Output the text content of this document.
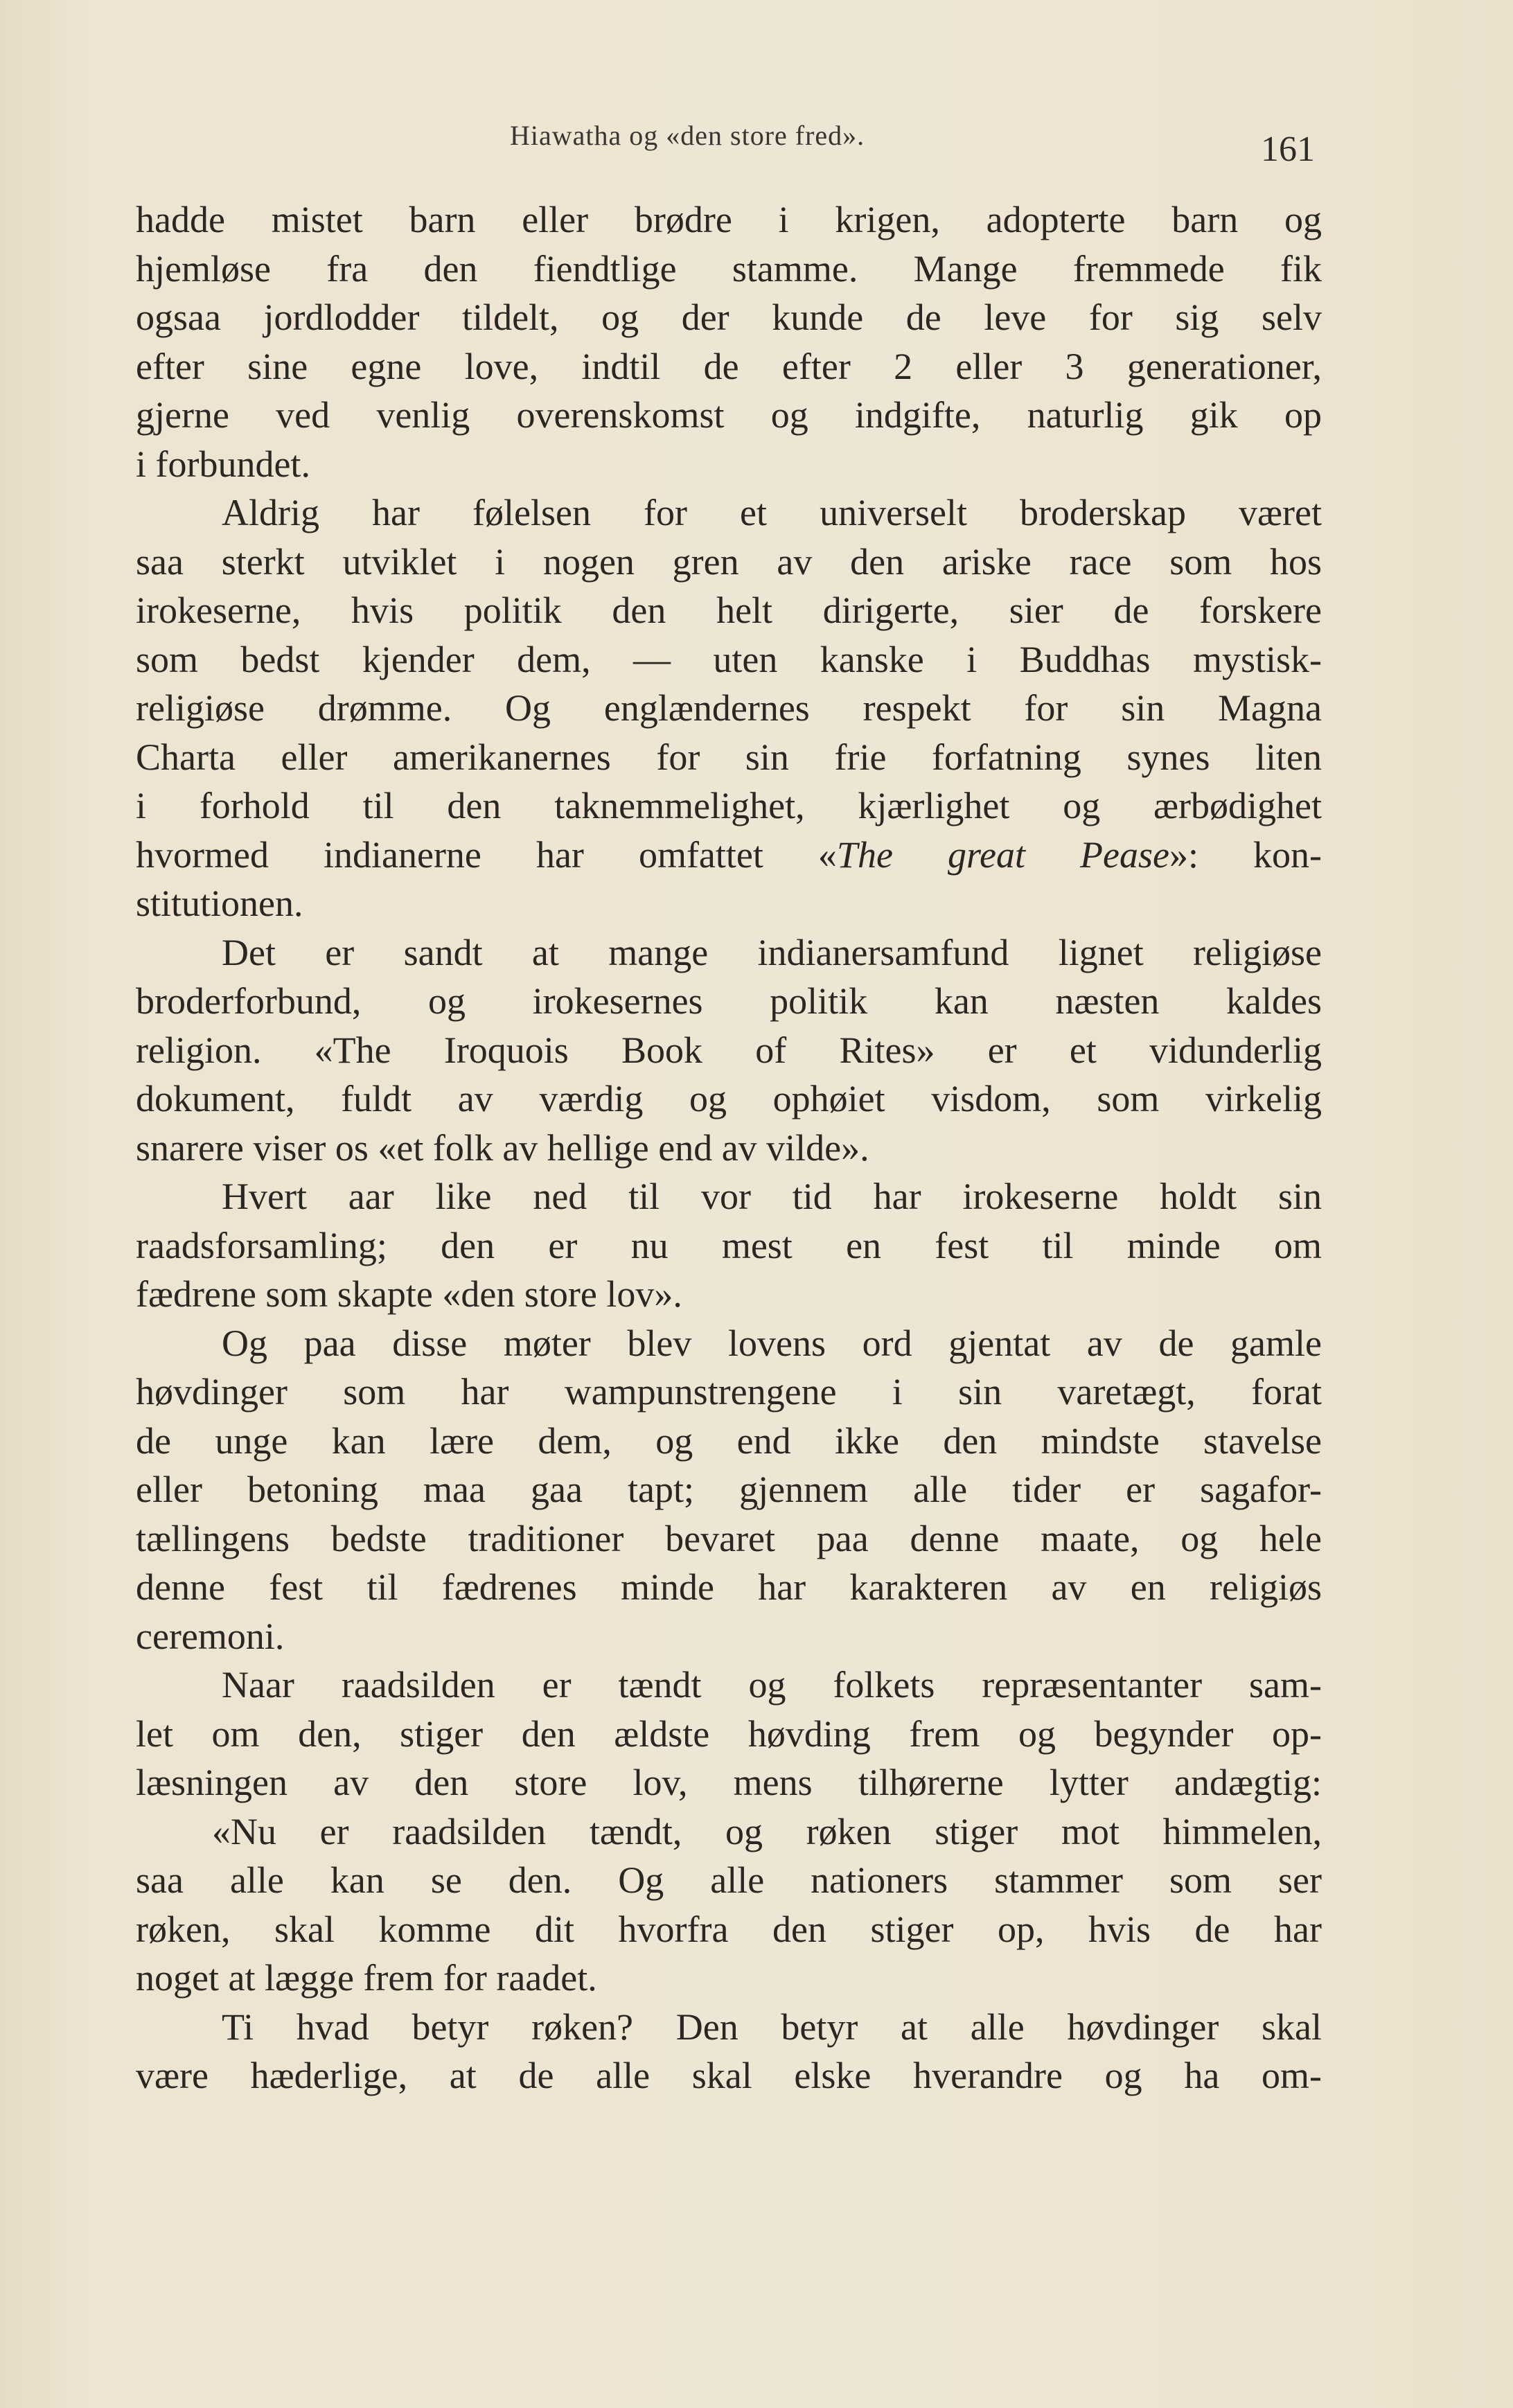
Hiawatha og «den store fred».	161
hadde mistet barn eller brødre i krigen, adopterte barn og
hjemløse fra den fiendtlige stamme. Mange fremmede fik
ogsaa jordlodder tildelt, og der kunde de leve for sig selv
efter sine egne love, indtil de efter 2 eller 3 generationer,
gjerne ved venlig overenskomst og indgifte, naturlig gik op
i forbundet.
Aldrig har følelsen for et universelt broderskap været
saa sterkt utviklet i nogen gren av den ariske race som hos
irokeserne, hvis politik den helt dirigerte, sier de forskere
som bedst kjender dem, — uten kanske i Buddhas mystisk-
religiøse drømme. Og englændernes respekt for sin Magna
Charta eller amerikanernes for sin frie forfatning synes liten
i forhold til den taknemmelighet, kjærlighet og ærbødighet
hvormed indianerne har omfattet «The great Pease»: kon-
stitutionen.
Det er sandt at mange indianersamfund lignet religiøse
broderforbund, og irokesernes politik kan næsten kaldes
religion. «The Iroquois Book of Rites» er et vidunderlig
dokument, fuldt av værdig og ophøiet visdom, som virkelig
snarere viser os «et folk av hellige end av vilde».
Hvert aar like ned til vor tid har irokeserne holdt sin
raadsforsamling; den er nu mest en fest til minde om
fædrene som skapte «den store lov».
Og paa disse møter blev lovens ord gjentat av de gamle
høvdinger som har wampunstrengene i sin varetægt, forat
de unge kan lære dem, og end ikke den mindste stavelse
eller betoning maa gaa tapt; gjennem alle tider er sagafor-
tællingens bedste traditioner bevaret paa denne maate, og hele
denne fest til fædrenes minde har karakteren av en religiøs
ceremoni.
Naar raadsilden er tændt og folkets repræsentanter sam-
let om den, stiger den ældste høvding frem og begynder op-
læsningen av den store lov, mens tilhørerne lytter andægtig:
«Nu er raadsilden tændt, og røken stiger mot himmelen,
saa alle kan se den. Og alle nationers stammer som ser
røken, skal komme dit hvorfra den stiger op, hvis de har
noget at lægge frem for raadet.
Ti hvad betyr røken? Den betyr at alle høvdinger skal
være hæderlige, at de alle skal elske hverandre og ha om-
